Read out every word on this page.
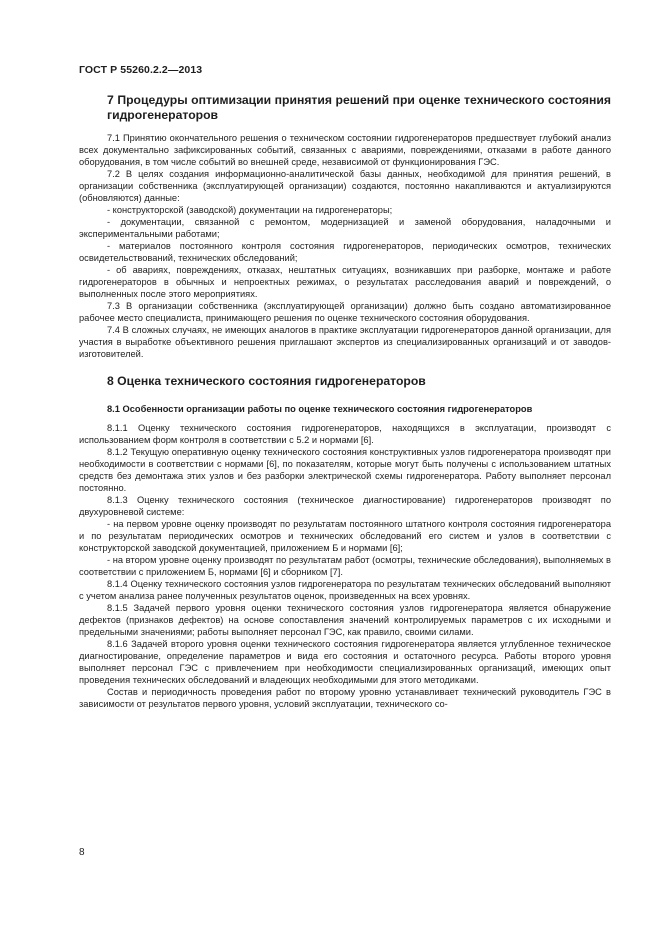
ГОСТ Р 55260.2.2—2013
7 Процедуры оптимизации принятия решений при оценке технического состояния гидрогенераторов

7.1 Принятию окончательного решения о техническом состоянии гидрогенераторов предшествует глубокий анализ всех документально зафиксированных событий, связанных с авариями, повреждениями, отказами в работе данного оборудования, в том числе событий во внешней среде, независимой от функционирования ГЭС.

7.2 В целях создания информационно-аналитической базы данных, необходимой для принятия решений, в организации собственника (эксплуатирующей организации) создаются, постоянно накапливаются и актуализируются (обновляются) данные:

- конструкторской (заводской) документации на гидрогенераторы;

- документации, связанной с ремонтом, модернизацией и заменой оборудования, наладочными и экспериментальными работами;

- материалов постоянного контроля состояния гидрогенераторов, периодических осмотров, технических освидетельствований, технических обследований;

- об авариях, повреждениях, отказах, нештатных ситуациях, возникавших при разборке, монтаже и работе гидрогенераторов в обычных и непроектных режимах, о результатах расследования аварий и повреждений, о выполненных после этого мероприятиях.

7.3 В организации собственника (эксплуатирующей организации) должно быть создано автоматизированное рабочее место специалиста, принимающего решения по оценке технического состояния оборудования.

7.4 В сложных случаях, не имеющих аналогов в практике эксплуатации гидрогенераторов данной организации, для участия в выработке объективного решения приглашают экспертов из специализированных организаций и от заводов-изготовителей.

8 Оценка технического состояния гидрогенераторов
8.1 Особенности организации работы по оценке технического состояния гидрогенераторов

8.1.1 Оценку технического состояния гидрогенераторов, находящихся в эксплуатации, производят с использованием форм контроля в соответствии с 5.2 и нормами [6].

8.1.2 Текущую оперативную оценку технического состояния конструктивных узлов гидрогенератора производят при необходимости в соответствии с нормами [6], по показателям, которые могут быть получены с использованием штатных средств без демонтажа этих узлов и без разборки электрической схемы гидрогенератора. Работу выполняет персонал постоянно.

8.1.3 Оценку технического состояния (техническое диагностирование) гидрогенераторов производят по двухуровневой системе:

- на первом уровне оценку производят по результатам постоянного штатного контроля состояния гидрогенератора и по результатам периодических осмотров и технических обследований его систем и узлов в соответствии с конструкторской заводской документацией, приложением Б и нормами [6];

- на втором уровне оценку производят по результатам работ (осмотры, технические обследования), выполняемых в соответствии с приложением Б, нормами [6] и сборником [7].

8.1.4 Оценку технического состояния узлов гидрогенератора по результатам технических обследований выполняют с учетом анализа ранее полученных результатов оценок, произведенных на всех уровнях.

8.1.5 Задачей первого уровня оценки технического состояния узлов гидрогенератора является обнаружение дефектов (признаков дефектов) на основе сопоставления значений контролируемых параметров с их исходными и предельными значениями; работы выполняет персонал ГЭС, как правило, своими силами.

8.1.6 Задачей второго уровня оценки технического состояния гидрогенератора является углубленное техническое диагностирование, определение параметров и вида его состояния и остаточного ресурса. Работы второго уровня выполняет персонал ГЭС с привлечением при необходимости специализированных организаций, имеющих опыт проведения технических обследований и владеющих необходимыми для этого методиками.

Состав и периодичность проведения работ по второму уровню устанавливает технический руководитель ГЭС в зависимости от результатов первого уровня, условий эксплуатации, технического со-

8
